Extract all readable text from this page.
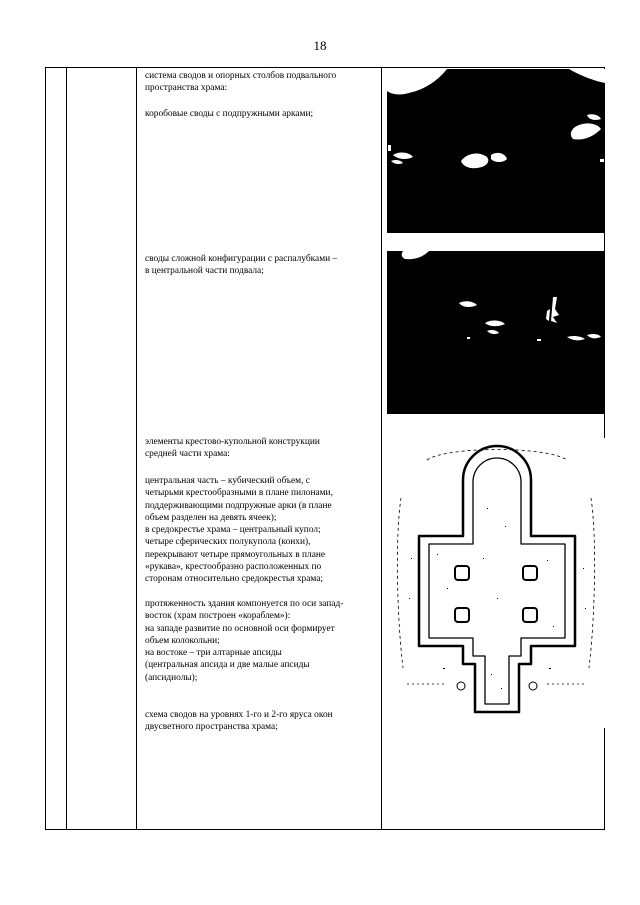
18

система сводов и опорных столбов подвального

пространства храма:

коробовые своды с подпружными арками;

своды сложной конфигурации с распалубками –

в центральной части подвала;

элементы крестово-купольной конструкции

средней части храма:

центральная часть – кубический объем, с

четырьмя крестообразными в плане пилонами,

поддерживающими подпружные арки (в плане

объем разделен на девять ячеек);

в средокрестье храма – центральный купол;

четыре сферических полукупола (конхи),

перекрывают четыре прямоугольных в плане

«рукава», крестообразно расположенных по

сторонам относительно средокрестья храма;

протяженность здания компонуется по оси запад-

восток (храм построен «кораблем»):

на западе развитие по основной оси формирует

объем колокольни;

на востоке – три алтарные апсиды

(центральная апсида и две малые апсиды

(апсидиолы);

схема сводов на уровнях 1-го и 2-го яруса окон

двусветного пространства храма;
